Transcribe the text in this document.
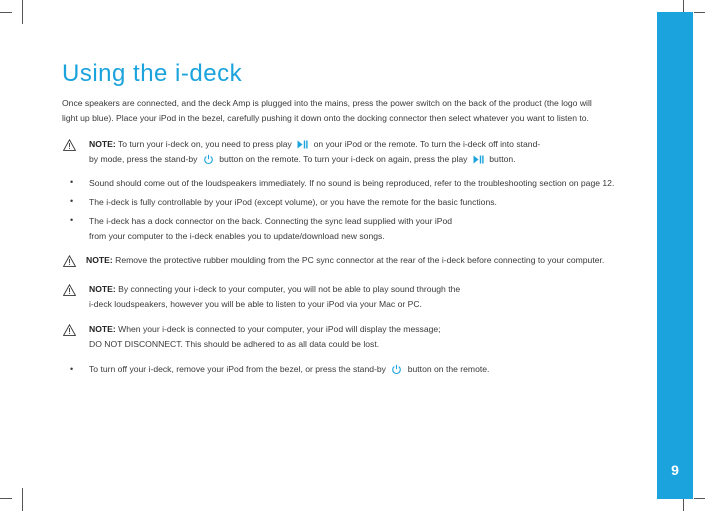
9
Using the i-deck
Once speakers are connected, and the deck Amp is plugged into the mains, press the power switch on the back of the product (the logo will
light up blue). Place your iPod in the bezel, carefully pushing it down onto the docking connector then select whatever you want to listen to.
NOTE: To turn your i-deck on, you need to press play	on your iPod or the remote. To turn the i-deck off into stand-
by mode, press the stand-by	button on the remote. To turn your i-deck on again, press the play	button.
• Sound should come out of the loudspeakers immediately. If no sound is being reproduced, refer to the troubleshooting section on page 12.
• The i-deck is fully controllable by your iPod (except volume), or you have the remote for the basic functions.
• The i-deck has a dock connector on the back. Connecting the sync lead supplied with your iPod
from your computer to the i-deck enables you to update/download new songs.
NOTE: Remove the protective rubber moulding from the PC sync connector at the rear of the i-deck before connecting to your computer.
NOTE: By connecting your i-deck to your computer, you will not be able to play sound through the
i-deck loudspeakers, however you will be able to listen to your iPod via your Mac or PC.
NOTE: When your i-deck is connected to your computer, your iPod will display the message;
DO NOT DISCONNECT. This should be adhered to as all data could be lost.
• To turn off your i-deck, remove your iPod from the bezel, or press the stand-by	button on the remote.
